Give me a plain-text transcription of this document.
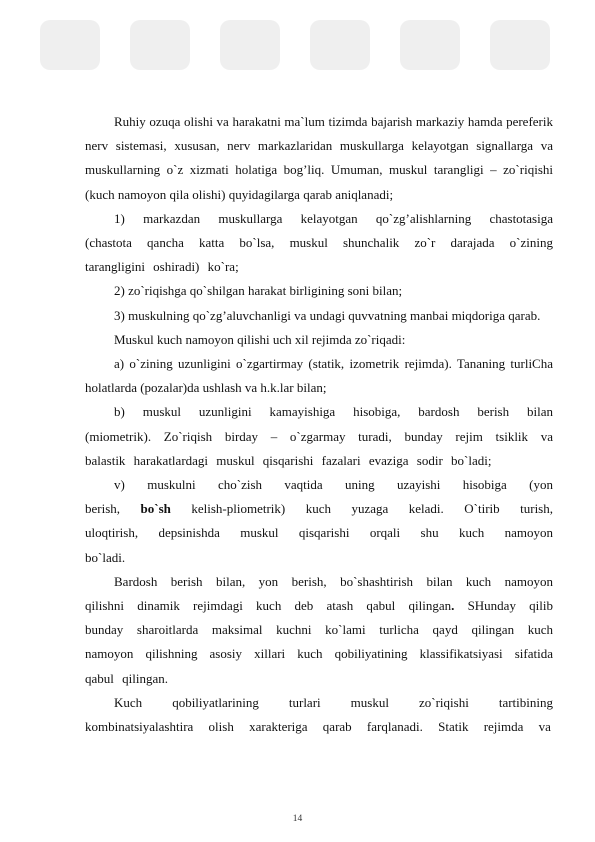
Ruhiy ozuqa olishi va harakatni ma`lum tizimda bajarish markaziy hamda pereferik nerv sistemasi, xususan, nerv markazlaridan muskullarga kelayotgan signallarga va muskullarning o`z xizmati holatiga bog’liq. Umuman, muskul tarangligi – zo`riqishi (kuch namoyon qila olishi) quyidagilarga qarab aniqlanadi;

1) markazdan muskullarga kelayotgan qo`zg’alishlarning chastotasiga (chastota qancha katta bo`lsa, muskul shunchalik zo`r darajada o`zining tarangligini oshiradi) ko`ra;

2) zo`riqishga qo`shilgan harakat birligining soni bilan;

3) muskulning qo`zg’aluvchanligi va undagi quvvatning manbai miqdoriga qarab.

Muskul kuch namoyon qilishi uch xil rejimda zo`riqadi:

a) o`zining uzunligini o`zgartirmay (statik, izometrik rejimda). Tananing turliCha holatlarda (pozalar)da ushlash va h.k.lar bilan;

b) muskul uzunligini kamayishiga hisobiga, bardosh berish bilan (miometrik). Zo`riqish birday – o`zgarmay turadi, bunday rejim tsiklik va balastik harakatlardagi muskul qisqarishi fazalari evaziga sodir bo`ladi;

v) muskulni cho`zish vaqtida uning uzayishi hisobiga (yon berish, bo`sh kelish-pliometrik) kuch yuzaga keladi. O`tirib turish, uloqtirish, depsinishda muskul qisqarishi orqali shu kuch namoyon bo`ladi.

Bardosh berish bilan, yon berish, bo`shashtirish bilan kuch namoyon qilishni dinamik rejimdagi kuch deb atash qabul qilingan. SHunday qilib bunday sharoitlarda maksimal kuchni ko`lami turlicha qayd qilingan kuch namoyon qilishning asosiy xillari kuch qobiliyatining klassifikatsiyasi sifatida qabul qilingan.

Kuch qobiliyatlarining turlari muskul zo`riqishi tartibining kombinatsiyalashtira olish xarakteriga qarab farqlanadi. Statik rejimda va

14
